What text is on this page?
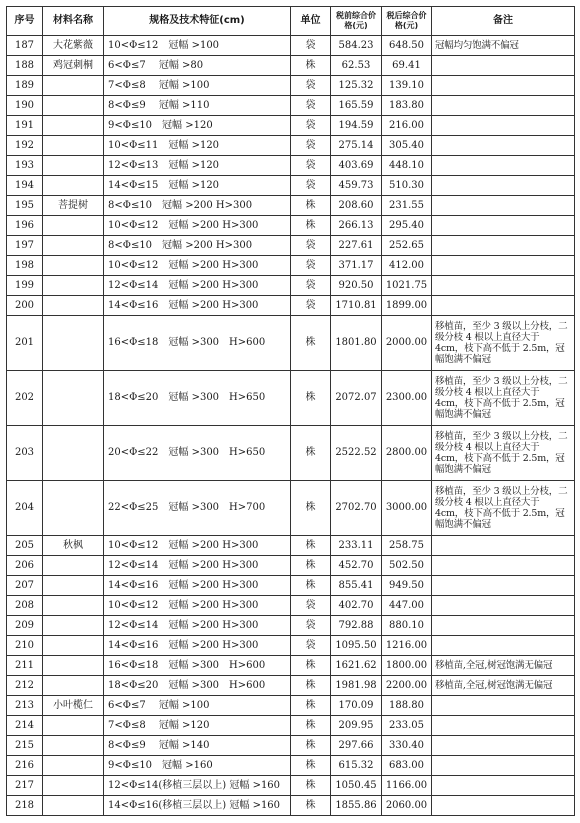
序号	材料名称	规格及技术特征(cm)	单位	税前综合价格(元)	税后综合价格(元)	备注
187	大花紫薇	10<Φ≤12　冠幅 >100	袋	584.23	648.50	冠幅均匀饱满不偏冠
188	鸡冠刺桐	6<Φ≤7　 冠幅 >80	株	62.53	69.41	
189		7<Φ≤8　 冠幅 >100	袋	125.32	139.10	
190		8<Φ≤9　 冠幅 >110	袋	165.59	183.80	
191		9<Φ≤10　冠幅 >120	袋	194.59	216.00	
192		10<Φ≤11　冠幅 >120	袋	275.14	305.40	
193		12<Φ≤13　冠幅 >120	袋	403.69	448.10	
194		14<Φ≤15　冠幅 >120	袋	459.73	510.30	
195	菩提树	8<Φ≤10　冠幅 >200 H>300	株	208.60	231.55	
196		10<Φ≤12　冠幅 >200 H>300	株	266.13	295.40	
197		8<Φ≤10　冠幅 >200 H>300	袋	227.61	252.65	
198		10<Φ≤12　冠幅 >200 H>300	袋	371.17	412.00	
199		12<Φ≤14　冠幅 >200 H>300	袋	920.50	1021.75	
200		14<Φ≤16　冠幅 >200 H>300	袋	1710.81	1899.00	
201		16<Φ≤18　冠幅 >300　H>600	株	1801.80	2000.00	移植苗，至少 3 级以上分枝，二级分枝 4 根以上直径大于 4cm，枝下高不低于 2.5m，冠幅饱满不偏冠
202		18<Φ≤20　冠幅 >300　H>650	株	2072.07	2300.00	移植苗，至少 3 级以上分枝，二级分枝 4 根以上直径大于 4cm，枝下高不低于 2.5m，冠幅饱满不偏冠
203		20<Φ≤22　冠幅 >300　H>650	株	2522.52	2800.00	移植苗，至少 3 级以上分枝，二级分枝 4 根以上直径大于 4cm，枝下高不低于 2.5m，冠幅饱满不偏冠
204		22<Φ≤25　冠幅 >300　H>700	株	2702.70	3000.00	移植苗，至少 3 级以上分枝，二级分枝 4 根以上直径大于 4cm，枝下高不低于 2.5m，冠幅饱满不偏冠
205	秋枫	10<Φ≤12　冠幅 >200 H>300	株	233.11	258.75	
206		12<Φ≤14　冠幅 >200 H>300	株	452.70	502.50	
207		14<Φ≤16　冠幅 >200 H>300	株	855.41	949.50	
208		10<Φ≤12　冠幅 >200 H>300	袋	402.70	447.00	
209		12<Φ≤14　冠幅 >200 H>300	袋	792.88	880.10	
210		14<Φ≤16　冠幅 >200 H>300	袋	1095.50	1216.00	
211		16<Φ≤18　冠幅 >300　H>600	株	1621.62	1800.00	移植苗,全冠,树冠饱满无偏冠
212		18<Φ≤20　冠幅 >300　H>600	株	1981.98	2200.00	移植苗,全冠,树冠饱满无偏冠
213	小叶榄仁	6<Φ≤7　 冠幅 >100	株	170.09	188.80	
214		7<Φ≤8　 冠幅 >120	株	209.95	233.05	
215		8<Φ≤9　 冠幅 >140	株	297.66	330.40	
216		9<Φ≤10　冠幅 >160	株	615.32	683.00	
217		12<Φ≤14(移植三层以上) 冠幅 >160	株	1050.45	1166.00	
218		14<Φ≤16(移植三层以上) 冠幅 >160	株	1855.86	2060.00	
